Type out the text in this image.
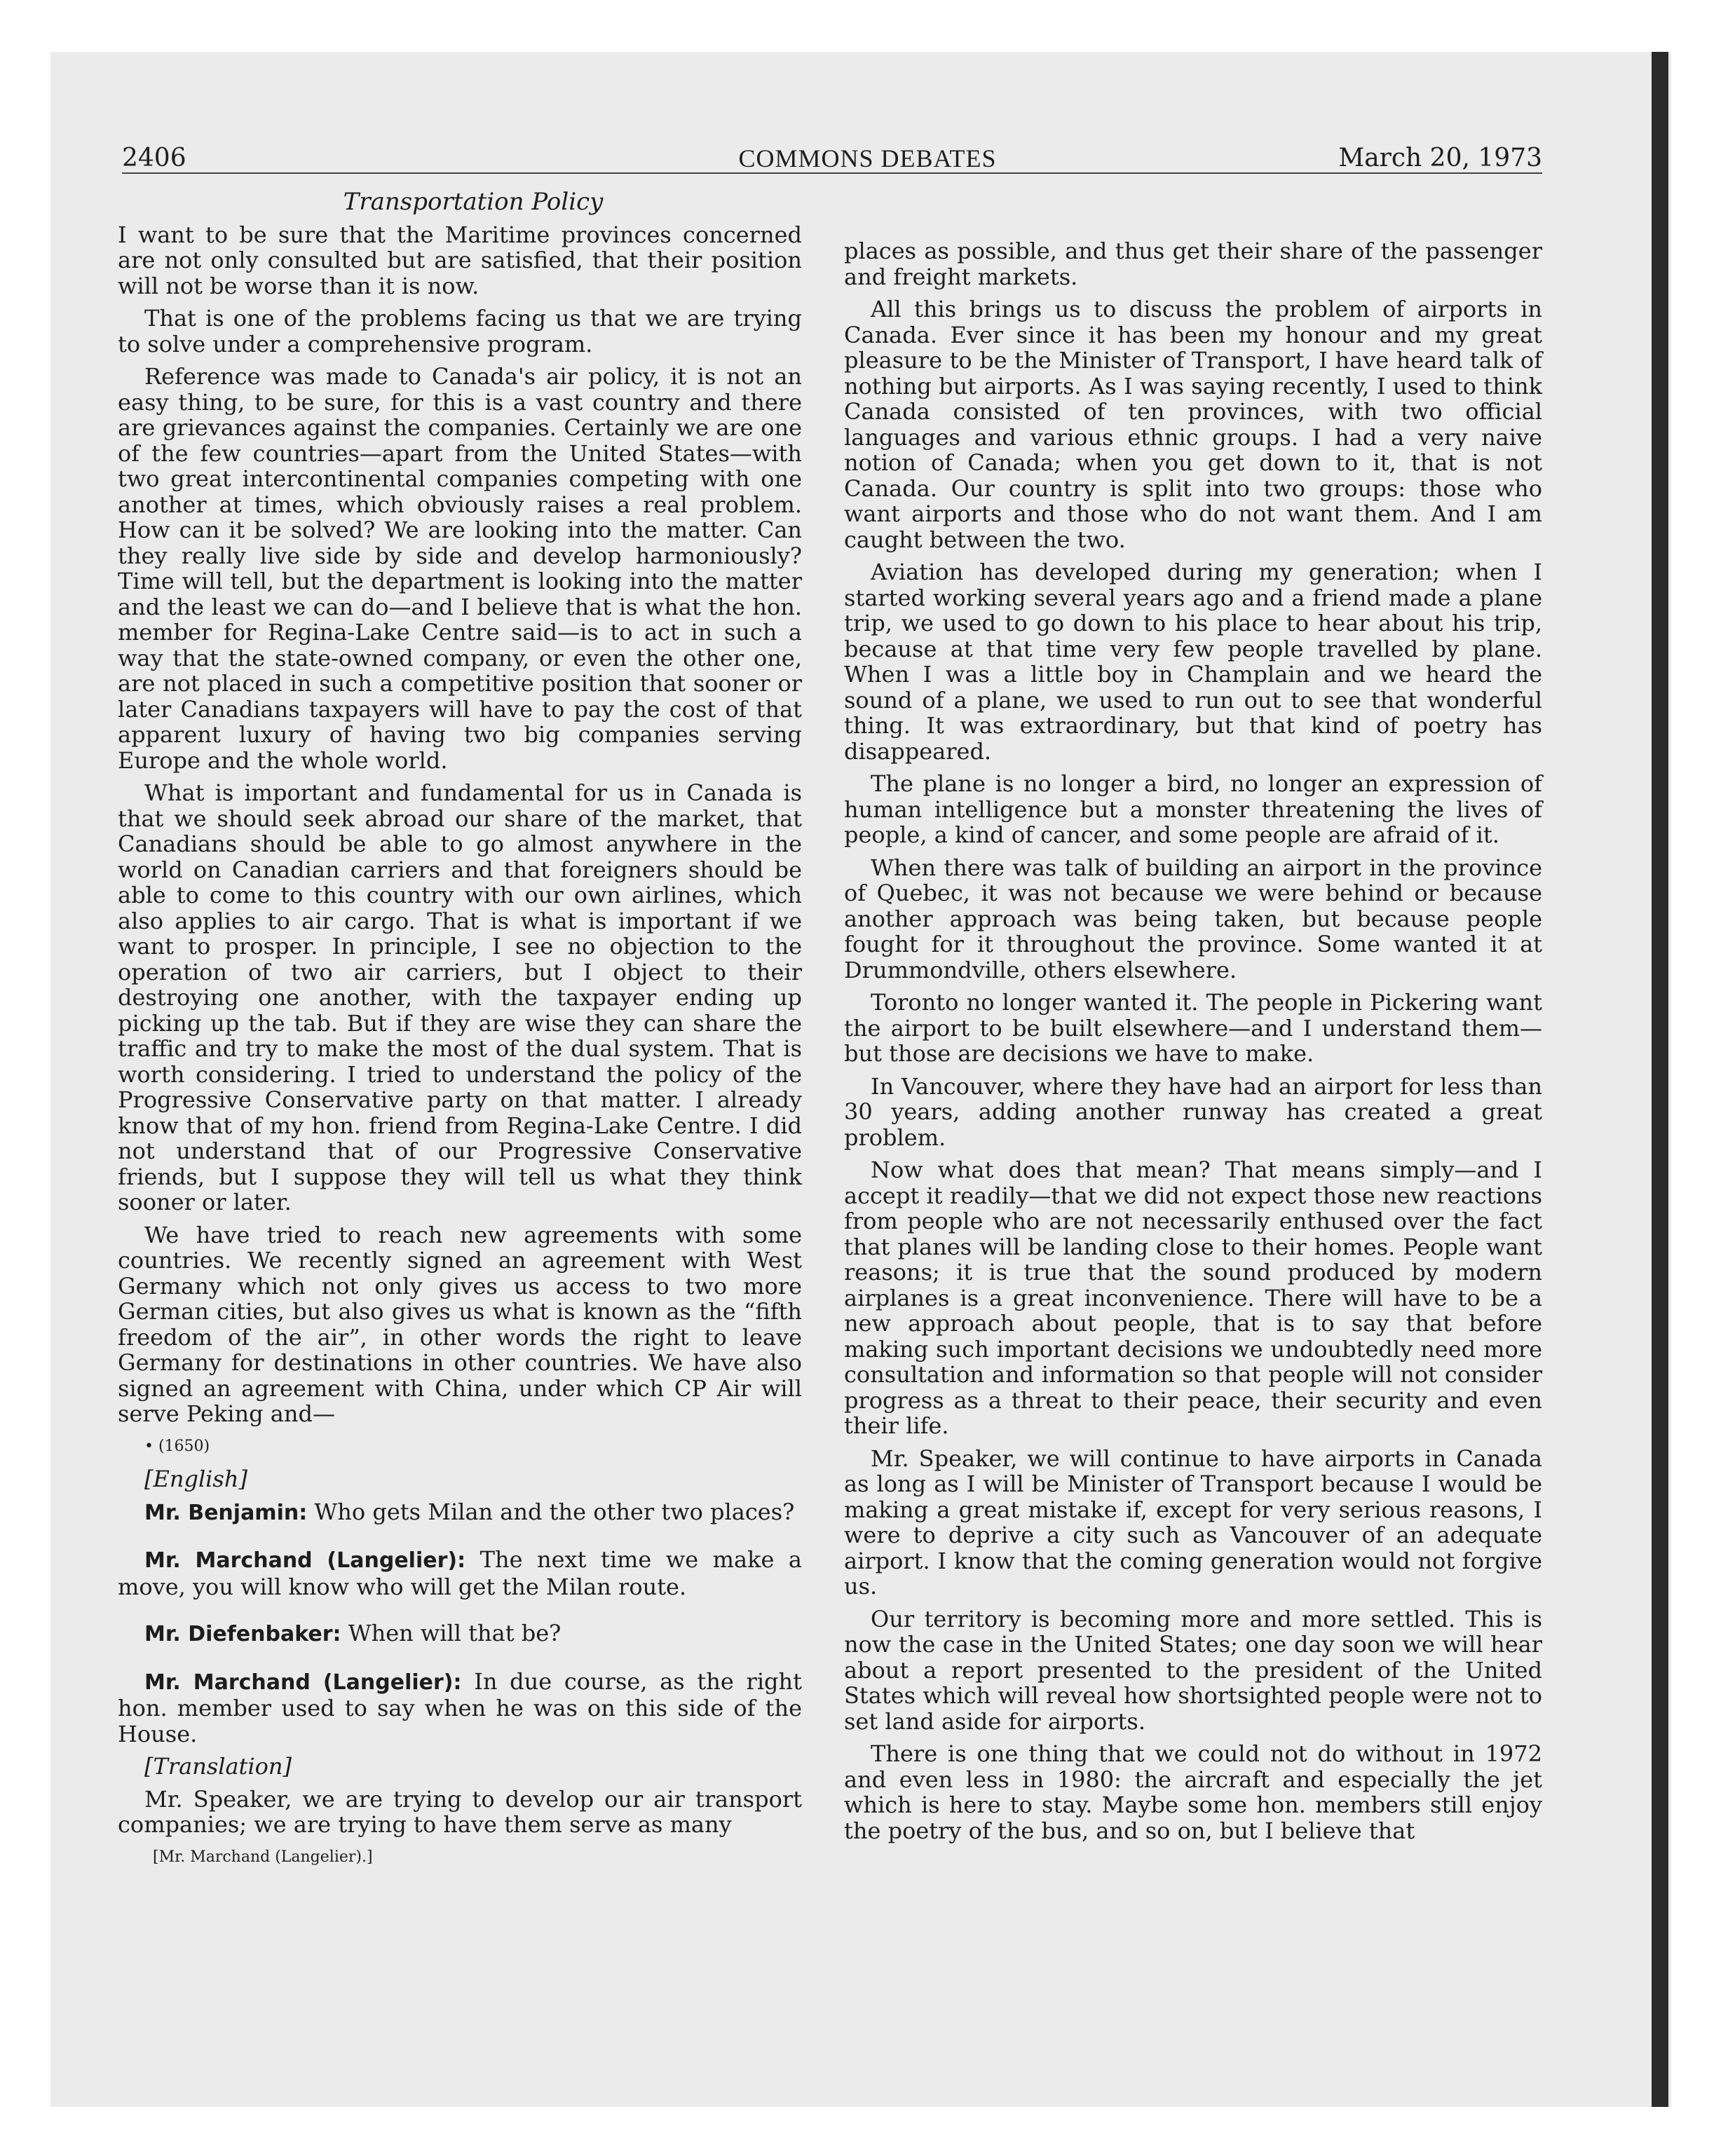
2406	COMMONS DEBATES	March 20, 1973

Transportation Policy

I want to be sure that the Maritime provinces concerned are not only consulted but are satisfied, that their position will not be worse than it is now.

That is one of the problems facing us that we are trying to solve under a comprehensive program.

Reference was made to Canada's air policy, it is not an easy thing, to be sure, for this is a vast country and there are grievances against the companies. Certainly we are one of the few countries—apart from the United States—with two great intercontinental companies competing with one another at times, which obviously raises a real problem. How can it be solved? We are looking into the matter. Can they really live side by side and develop harmoniously? Time will tell, but the department is looking into the matter and the least we can do—and I believe that is what the hon. member for Regina-Lake Centre said—is to act in such a way that the state-owned company, or even the other one, are not placed in such a competitive position that sooner or later Canadians taxpayers will have to pay the cost of that apparent luxury of having two big companies serving Europe and the whole world.

What is important and fundamental for us in Canada is that we should seek abroad our share of the market, that Canadians should be able to go almost anywhere in the world on Canadian carriers and that foreigners should be able to come to this country with our own airlines, which also applies to air cargo. That is what is important if we want to prosper. In principle, I see no objection to the operation of two air carriers, but I object to their destroying one another, with the taxpayer ending up picking up the tab. But if they are wise they can share the traffic and try to make the most of the dual system. That is worth considering. I tried to understand the policy of the Progressive Conservative party on that matter. I already know that of my hon. friend from Regina-Lake Centre. I did not understand that of our Progressive Conservative friends, but I suppose they will tell us what they think sooner or later.

We have tried to reach new agreements with some countries. We recently signed an agreement with West Germany which not only gives us access to two more German cities, but also gives us what is known as the “fifth freedom of the air”, in other words the right to leave Germany for destinations in other countries. We have also signed an agreement with China, under which CP Air will serve Peking and—

• (1650)

[English]

Mr. Benjamin: Who gets Milan and the other two places?

Mr. Marchand (Langelier): The next time we make a move, you will know who will get the Milan route.

Mr. Diefenbaker: When will that be?

Mr. Marchand (Langelier): In due course, as the right hon. member used to say when he was on this side of the House.

[Translation]

Mr. Speaker, we are trying to develop our air transport companies; we are trying to have them serve as many

[Mr. Marchand (Langelier).]

places as possible, and thus get their share of the passenger and freight markets.

All this brings us to discuss the problem of airports in Canada. Ever since it has been my honour and my great pleasure to be the Minister of Transport, I have heard talk of nothing but airports. As I was saying recently, I used to think Canada consisted of ten provinces, with two official languages and various ethnic groups. I had a very naive notion of Canada; when you get down to it, that is not Canada. Our country is split into two groups: those who want airports and those who do not want them. And I am caught between the two.

Aviation has developed during my generation; when I started working several years ago and a friend made a plane trip, we used to go down to his place to hear about his trip, because at that time very few people travelled by plane. When I was a little boy in Champlain and we heard the sound of a plane, we used to run out to see that wonderful thing. It was extraordinary, but that kind of poetry has disappeared.

The plane is no longer a bird, no longer an expression of human intelligence but a monster threatening the lives of people, a kind of cancer, and some people are afraid of it.

When there was talk of building an airport in the province of Quebec, it was not because we were behind or because another approach was being taken, but because people fought for it throughout the province. Some wanted it at Drummondville, others elsewhere.

Toronto no longer wanted it. The people in Pickering want the airport to be built elsewhere—and I understand them—but those are decisions we have to make.

In Vancouver, where they have had an airport for less than 30 years, adding another runway has created a great problem.

Now what does that mean? That means simply—and I accept it readily—that we did not expect those new reactions from people who are not necessarily enthused over the fact that planes will be landing close to their homes. People want reasons; it is true that the sound produced by modern airplanes is a great inconvenience. There will have to be a new approach about people, that is to say that before making such important decisions we undoubtedly need more consultation and information so that people will not consider progress as a threat to their peace, their security and even their life.

Mr. Speaker, we will continue to have airports in Canada as long as I will be Minister of Transport because I would be making a great mistake if, except for very serious reasons, I were to deprive a city such as Vancouver of an adequate airport. I know that the coming generation would not forgive us.

Our territory is becoming more and more settled. This is now the case in the United States; one day soon we will hear about a report presented to the president of the United States which will reveal how shortsighted people were not to set land aside for airports.

There is one thing that we could not do without in 1972 and even less in 1980: the aircraft and especially the jet which is here to stay. Maybe some hon. members still enjoy the poetry of the bus, and so on, but I believe that
